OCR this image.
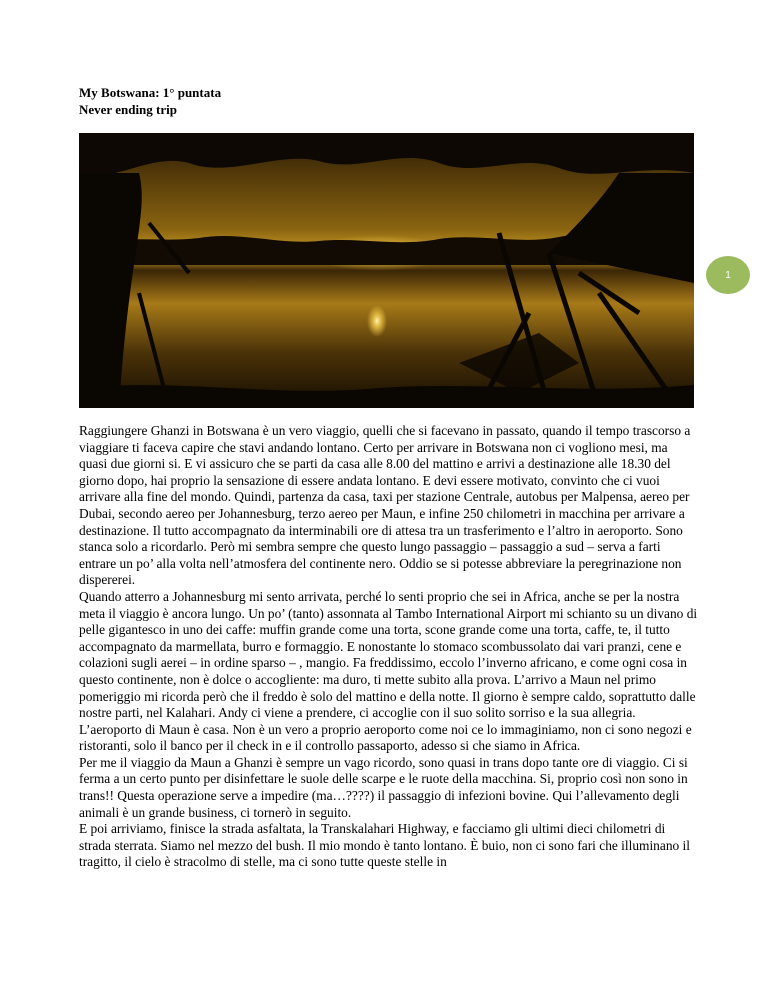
My Botswana: 1° puntata
Never ending trip
1

Raggiungere Ghanzi in Botswana è un vero viaggio, quelli che si facevano in passato, quando il tempo trascorso a viaggiare ti faceva capire che stavi andando lontano. Certo per arrivare in Botswana non ci vogliono mesi, ma quasi due giorni si. E vi assicuro che se parti da casa alle 8.00 del mattino e arrivi a destinazione alle 18.30 del giorno dopo, hai proprio la sensazione di essere andata lontano. E devi essere motivato, convinto che ci vuoi arrivare alla fine del mondo. Quindi, partenza da casa, taxi per stazione Centrale, autobus per Malpensa, aereo per Dubai, secondo aereo per Johannesburg, terzo aereo per Maun, e infine 250 chilometri in macchina per arrivare a destinazione. Il tutto accompagnato da interminabili ore di attesa tra un trasferimento e l’altro in aeroporto. Sono stanca solo a ricordarlo. Però mi sembra sempre che questo lungo passaggio – passaggio a sud – serva a farti entrare un po’ alla volta nell’atmosfera del continente nero. Oddio se si potesse abbreviare la peregrinazione non dispererei.

Quando atterro a Johannesburg mi sento arrivata, perché lo senti proprio che sei in Africa, anche se per la nostra meta il viaggio è ancora lungo. Un po’ (tanto) assonnata al Tambo International Airport mi schianto su un divano di pelle gigantesco in uno dei caffe: muffin grande come una torta, scone grande come una torta, caffe, te, il tutto accompagnato da marmellata, burro e formaggio. E nonostante lo stomaco scombussolato dai vari pranzi, cene e colazioni sugli aerei – in ordine sparso – , mangio. Fa freddissimo, eccolo l’inverno africano, e come ogni cosa in questo continente, non è dolce o accogliente: ma duro, ti mette subito alla prova. L’arrivo a Maun nel primo pomeriggio mi ricorda però che il freddo è solo del mattino e della notte. Il giorno è sempre caldo, soprattutto dalle nostre parti, nel Kalahari. Andy ci viene a prendere, ci accoglie con il suo solito sorriso e la sua allegria. L’aeroporto di Maun è casa. Non è un vero a proprio aeroporto come noi ce lo immaginiamo, non ci sono negozi e ristoranti, solo il banco per il check in e il controllo passaporto, adesso si che siamo in Africa.

Per me il viaggio da Maun a Ghanzi è sempre un vago ricordo, sono quasi in trans dopo tante ore di viaggio. Ci si ferma a un certo punto per disinfettare le suole delle scarpe e le ruote della macchina. Si, proprio così non sono in trans!! Questa operazione serve a impedire (ma…????) il passaggio di infezioni bovine. Qui l’allevamento degli animali è un grande business, ci tornerò in seguito.

E poi arriviamo, finisce la strada asfaltata, la Transkalahari Highway, e facciamo gli ultimi dieci chilometri di strada sterrata. Siamo nel mezzo del bush. Il mio mondo è tanto lontano. È buio, non ci sono fari che illuminano il tragitto, il cielo è stracolmo di stelle, ma ci sono tutte queste stelle in
